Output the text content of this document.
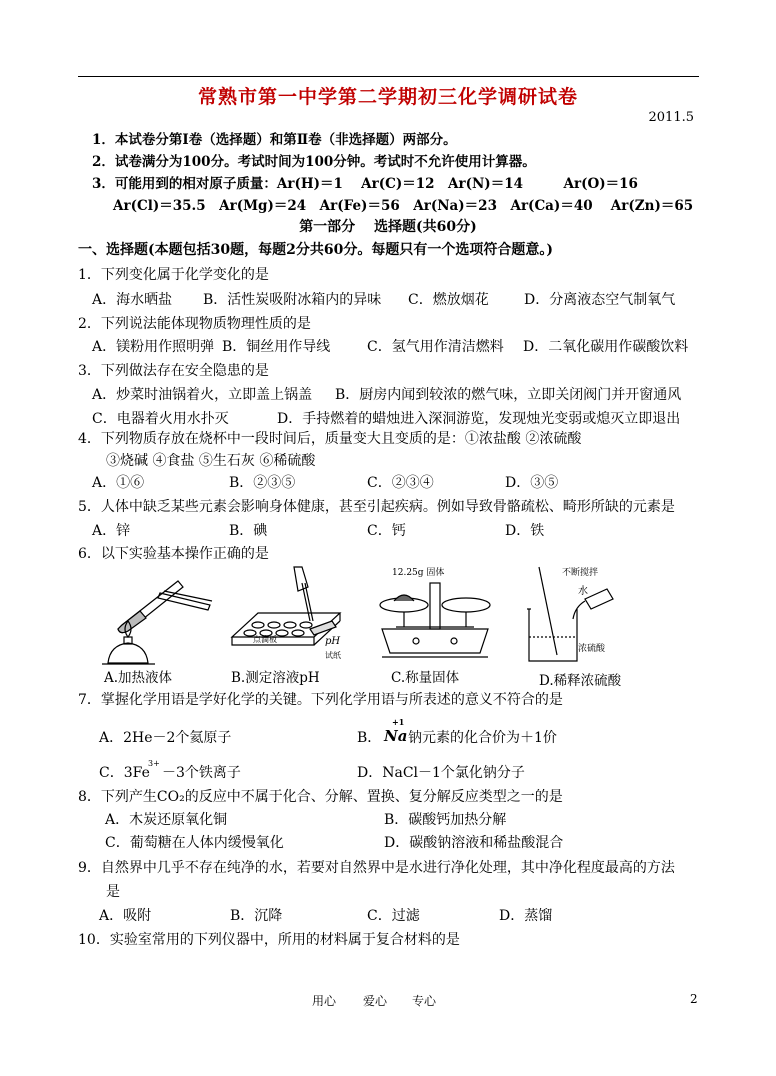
常熟市第一中学第二学期初三化学调研试卷
2011.5
1．本试卷分第Ⅰ卷（选择题）和第Ⅱ卷（非选择题）两部分。
2．试卷满分为100分。考试时间为100分钟。考试时不允许使用计算器。
3．可能用到的相对原子质量：Ar(H)＝1　 Ar(C)＝12　Ar(N)＝14　　　Ar(O)＝16
Ar(Cl)＝35.5　Ar(Mg)＝24　Ar(Fe)＝56　Ar(Na)＝23　Ar(Ca)＝40　 Ar(Zn)＝65
第一部分　 选择题(共60分)
一、选择题(本题包括30题，每题2分共60分。每题只有一个选项符合题意。)
1．下列变化属于化学变化的是
A．海水晒盐 B．活性炭吸附冰箱内的异味 C．燃放烟花	D．分离液态空气制氧气
2．下列说法能体现物质物理性质的是
A．镁粉用作照明弹 B．铜丝用作导线	C．氢气用作清洁燃料 D．二氧化碳用作碳酸饮料
3．下列做法存在安全隐患的是
A．炒菜时油锅着火，立即盖上锅盖 B．厨房内闻到较浓的燃气味，立即关闭阀门并开窗通风
C．电器着火用水扑灭	D．手持燃着的蜡烛进入深洞游览，发现烛光变弱或熄灭立即退出
4．下列物质存放在烧杯中一段时间后，质量变大且变质的是：①浓盐酸 ②浓硫酸
③烧碱 ④食盐 ⑤生石灰 ⑥稀硫酸
A．①⑥	B．②③⑤	C．②③④	D．③⑤
5．人体中缺乏某些元素会影响身体健康，甚至引起疾病。例如导致骨骼疏松、畸形所缺的元素是
A．锌	B．碘	C．钙	D．铁
6．以下实验基本操作正确的是
A.加热液体
点滴板	pH
试纸
B.测定溶液pH
12.25g 固体
C.称量固体
不断搅拌
水
浓硫酸
D.稀释浓硫酸
7．掌握化学用语是学好化学的关键。下列化学用语与所表述的意义不符合的是
A．2He－2个氦原子	B． Na
+1
钠元素的化合价为＋1价
C．3Fe
3+
－3个铁离子	D．NaCl－1个氯化钠分子
8．下列产生CO₂的反应中不属于化合、分解、置换、复分解反应类型之一的是
A．木炭还原氧化铜	B．碳酸钙加热分解
C．葡萄糖在人体内缓慢氧化	D．碳酸钠溶液和稀盐酸混合
9．自然界中几乎不存在纯净的水，若要对自然界中是水进行净化处理，其中净化程度最高的方法
是
A．吸附	B．沉降	C．过滤	D．蒸馏
10．实验室常用的下列仪器中，所用的材料属于复合材料的是
用心 爱心 专心	2
